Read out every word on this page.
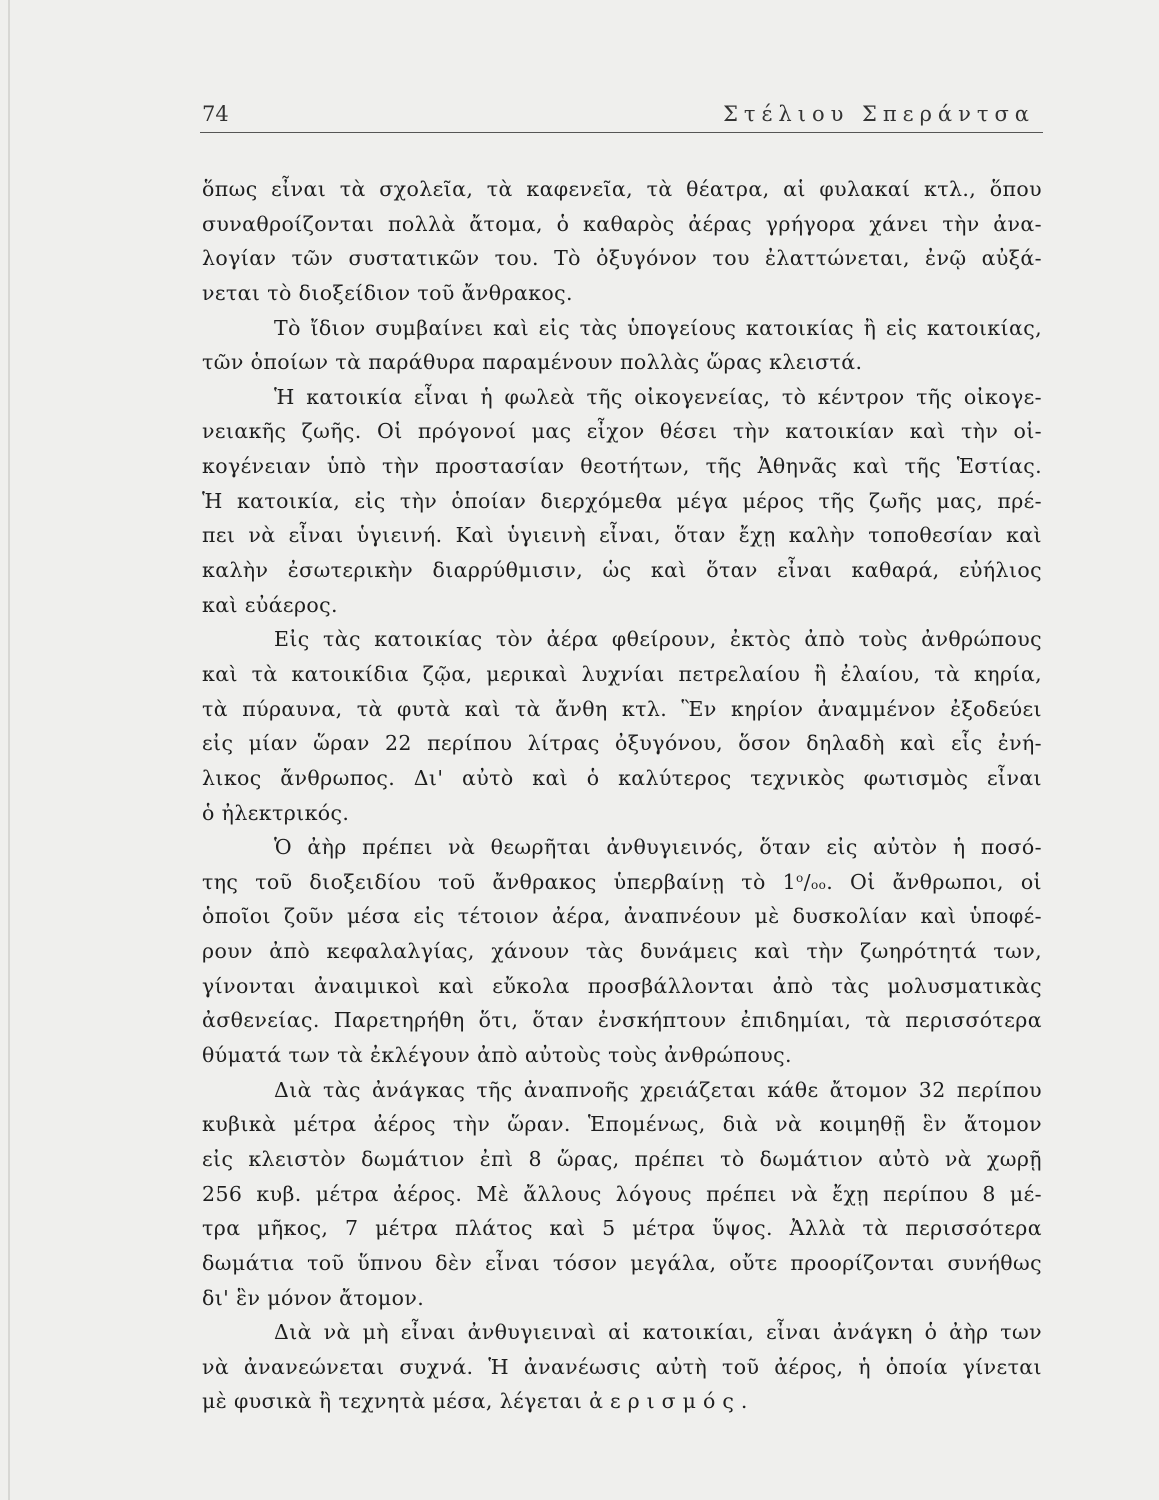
74	Στέλιου Σπεράντσα
ὅπως εἶναι τὰ σχολεῖα, τὰ καφενεῖα, τὰ θέατρα, αἱ φυλακαί κτλ., ὅπου
συναθροίζονται πολλὰ ἄτομα, ὁ καθαρὸς ἀέρας γρήγορα χάνει τὴν ἀνα-
λογίαν τῶν συστατικῶν του. Τὸ ὀξυγόνον του ἐλαττώνεται, ἐνῷ αὐξά-
νεται τὸ διοξείδιον τοῦ ἄνθρακος.
Τὸ ἴδιον συμβαίνει καὶ εἰς τὰς ὑπογείους κατοικίας ἢ εἰς κατοικίας,
τῶν ὁποίων τὰ παράθυρα παραμένουν πολλὰς ὥρας κλειστά.
Ἡ κατοικία εἶναι ἡ φωλεὰ τῆς οἰκογενείας, τὸ κέντρον τῆς οἰκογε-
νειακῆς ζωῆς. Οἱ πρόγονοί μας εἶχον θέσει τὴν κατοικίαν καὶ τὴν οἰ-
κογένειαν ὑπὸ τὴν προστασίαν θεοτήτων, τῆς Ἀθηνᾶς καὶ τῆς Ἑστίας.
Ἡ κατοικία, εἰς τὴν ὁποίαν διερχόμεθα μέγα μέρος τῆς ζωῆς μας, πρέ-
πει νὰ εἶναι ὑγιεινή. Καὶ ὑγιεινὴ εἶναι, ὅταν ἔχῃ καλὴν τοποθεσίαν καὶ
καλὴν ἐσωτερικὴν διαρρύθμισιν, ὡς καὶ ὅταν εἶναι καθαρά, εὐήλιος
καὶ εὐάερος.
Εἰς τὰς κατοικίας τὸν ἀέρα φθείρουν, ἐκτὸς ἀπὸ τοὺς ἀνθρώπους
καὶ τὰ κατοικίδια ζῷα, μερικαὶ λυχνίαι πετρελαίου ἢ ἐλαίου, τὰ κηρία,
τὰ πύραυνα, τὰ φυτὰ καὶ τὰ ἄνθη κτλ. Ἓν κηρίον ἀναμμένον ἐξοδεύει
εἰς μίαν ὥραν 22 περίπου λίτρας ὀξυγόνου, ὅσον δηλαδὴ καὶ εἷς ἐνή-
λικος ἄνθρωπος. Δι' αὐτὸ καὶ ὁ καλύτερος τεχνικὸς φωτισμὸς εἶναι
ὁ ἠλεκτρικός.
Ὁ ἀὴρ πρέπει νὰ θεωρῆται ἀνθυγιεινός, ὅταν εἰς αὐτὸν ἡ ποσό-
της τοῦ διοξειδίου τοῦ ἄνθρακος ὑπερβαίνῃ τὸ $1^o/oo$. Οἱ ἄνθρωποι, οἱ
ὁποῖοι ζοῦν μέσα εἰς τέτοιον ἀέρα, ἀναπνέουν μὲ δυσκολίαν καὶ ὑποφέ-
ρουν ἀπὸ κεφαλαλγίας, χάνουν τὰς δυνάμεις καὶ τὴν ζωηρότητά των,
γίνονται ἀναιμικοὶ καὶ εὔκολα προσβάλλονται ἀπὸ τὰς μολυσματικὰς
ἀσθενείας. Παρετηρήθη ὅτι, ὅταν ἐνσκήπτουν ἐπιδημίαι, τὰ περισσότερα
θύματά των τὰ ἐκλέγουν ἀπὸ αὐτοὺς τοὺς ἀνθρώπους.
Διὰ τὰς ἀνάγκας τῆς ἀναπνοῆς χρειάζεται κάθε ἄτομον 32 περίπου
κυβικὰ μέτρα ἀέρος τὴν ὥραν. Ἑπομένως, διὰ νὰ κοιμηθῇ ἓν ἄτομον
εἰς κλειστὸν δωμάτιον ἐπὶ 8 ὥρας, πρέπει τὸ δωμάτιον αὐτὸ νὰ χωρῇ
256 κυβ. μέτρα ἀέρος. Μὲ ἄλλους λόγους πρέπει νὰ ἔχῃ περίπου 8 μέ-
τρα μῆκος, 7 μέτρα πλάτος καὶ 5 μέτρα ὕψος. Ἀλλὰ τὰ περισσότερα
δωμάτια τοῦ ὕπνου δὲν εἶναι τόσον μεγάλα, οὔτε προορίζονται συνήθως
δι' ἓν μόνον ἄτομον.
Διὰ νὰ μὴ εἶναι ἀνθυγιειναὶ αἱ κατοικίαι, εἶναι ἀνάγκη ὁ ἀὴρ των
νὰ ἀνανεώνεται συχνά. Ἡ ἀνανέωσις αὐτὴ τοῦ ἀέρος, ἡ ὁποία γίνεται
μὲ φυσικὰ ἢ τεχνητὰ μέσα, λέγεται ἀερισμός.
